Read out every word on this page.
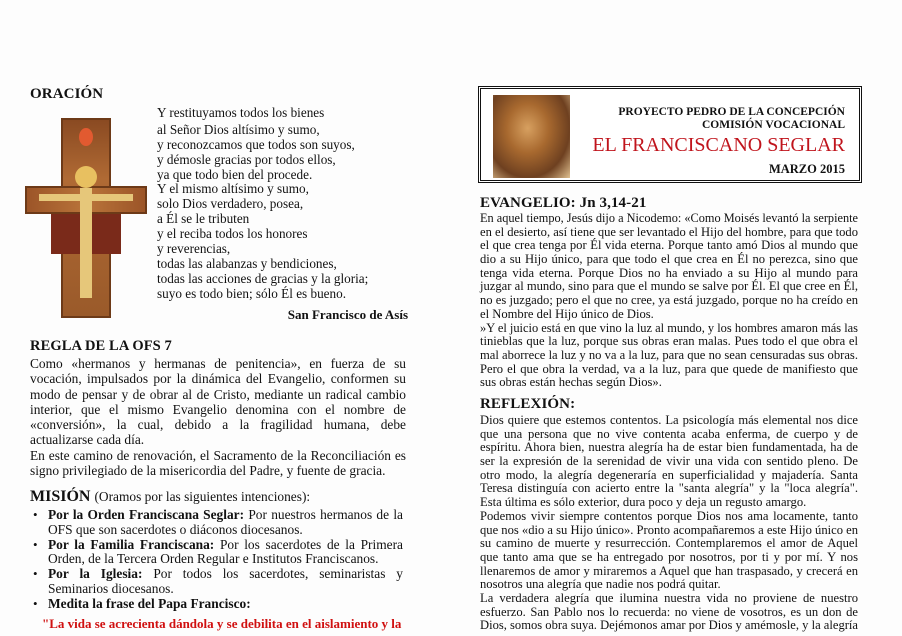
ORACIÓN
Y restituyamos todos los bienes
al Señor Dios altísimo y sumo,
y reconozcamos que todos son suyos,
y démosle gracias por todos ellos,
ya que todo bien del procede.
Y el mismo altísimo y sumo,
solo Dios verdadero, posea,
a Él se le tributen
y el reciba todos los honores
y reverencias,
todas las alabanzas y bendiciones,
todas las acciones de gracias y la gloria;
suyo es todo bien; sólo Él es bueno.
San Francisco de Asís
REGLA DE LA OFS 7
Como «hermanos y hermanas de penitencia», en fuerza de su
vocación, impulsados por la dinámica del Evangelio, conformen su
modo de pensar y de obrar al de Cristo, mediante un radical cambio
interior, que el mismo Evangelio denomina con el nombre de
«conversión», la cual, debido a la fragilidad humana, debe
actualizarse cada día.
En este camino de renovación, el Sacramento de la Reconciliación es
signo privilegiado de la misericordia del Padre, y fuente de gracia.
MISIÓN (Oramos por las siguientes intenciones):
• Por la Orden Franciscana Seglar: Por nuestros hermanos de la
OFS que son sacerdotes o diáconos diocesanos.
• Por la Familia Franciscana: Por los sacerdotes de la Primera
Orden, de la Tercera Orden Regular e Institutos Franciscanos.
• Por la Iglesia: Por todos los sacerdotes, seminaristas y
Seminarios diocesanos.
• Medita la frase del Papa Francisco:
"La vida se acrecienta dándola y se debilita en el aislamiento y la
PROYECTO PEDRO DE LA CONCEPCIÓN
COMISIÓN VOCACIONAL
EL FRANCISCANO SEGLAR
MARZO 2015
EVANGELIO: Jn 3,14-21
En aquel tiempo, Jesús dijo a Nicodemo: «Como Moisés levantó la serpiente
en el desierto, así tiene que ser levantado el Hijo del hombre, para que todo
el que crea tenga por Él vida eterna. Porque tanto amó Dios al mundo que
dio a su Hijo único, para que todo el que crea en Él no perezca, sino que
tenga vida eterna. Porque Dios no ha enviado a su Hijo al mundo para
juzgar al mundo, sino para que el mundo se salve por Él. El que cree en Él,
no es juzgado; pero el que no cree, ya está juzgado, porque no ha creído en
el Nombre del Hijo único de Dios.
»Y el juicio está en que vino la luz al mundo, y los hombres amaron más las
tinieblas que la luz, porque sus obras eran malas. Pues todo el que obra el
mal aborrece la luz y no va a la luz, para que no sean censuradas sus obras.
Pero el que obra la verdad, va a la luz, para que quede de manifiesto que
sus obras están hechas según Dios».
REFLEXIÓN:
Dios quiere que estemos contentos. La psicología más elemental nos dice
que una persona que no vive contenta acaba enferma, de cuerpo y de
espíritu. Ahora bien, nuestra alegría ha de estar bien fundamentada, ha de
ser la expresión de la serenidad de vivir una vida con sentido pleno. De
otro modo, la alegría degeneraría en superficialidad y majadería. Santa
Teresa distinguía con acierto entre la "santa alegría" y la "loca alegría".
Esta última es sólo exterior, dura poco y deja un regusto amargo.
Podemos vivir siempre contentos porque Dios nos ama locamente, tanto
que nos «dio a su Hijo único». Pronto acompañaremos a este Hijo único en
su camino de muerte y resurrección. Contemplaremos el amor de Aquel
que tanto ama que se ha entregado por nosotros, por ti y por mí. Y nos
llenaremos de amor y miraremos a Aquel que han traspasado, y crecerá en
nosotros una alegría que nadie nos podrá quitar.
La verdadera alegría que ilumina nuestra vida no proviene de nuestro
esfuerzo. San Pablo nos lo recuerda: no viene de vosotros, es un don de
Dios, somos obra suya. Dejémonos amar por Dios y amémosle, y la alegría
